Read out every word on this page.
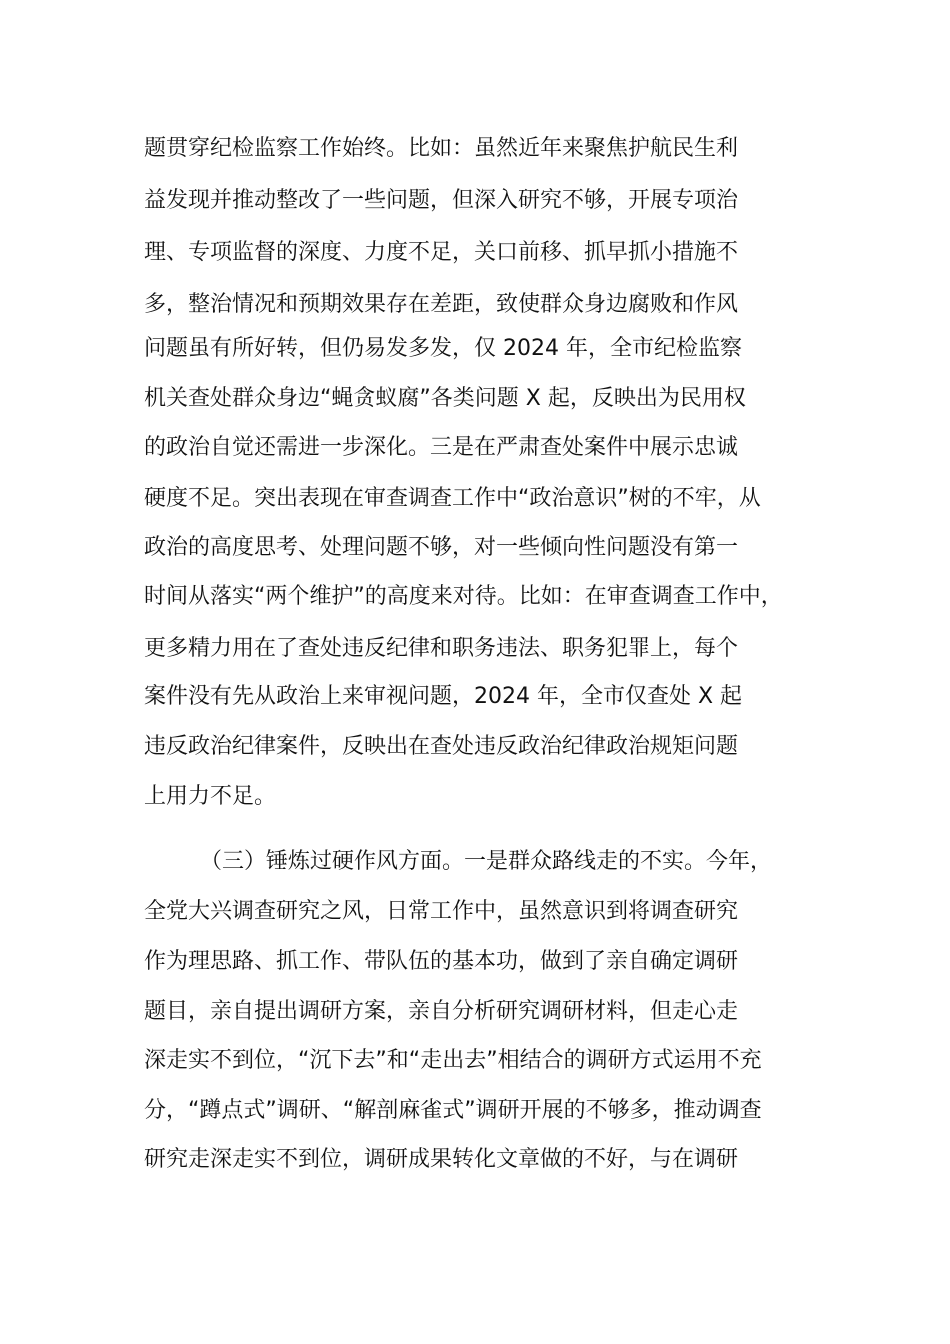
题贯穿纪检监察工作始终。比如：虽然近年来聚焦护航民生利
益发现并推动整改了一些问题，但深入研究不够，开展专项治
理、专项监督的深度、力度不足，关口前移、抓早抓小措施不
多，整治情况和预期效果存在差距，致使群众身边腐败和作风
问题虽有所好转，但仍易发多发，仅 2024 年，全市纪检监察
机关查处群众身边“蝇贪蚁腐”各类问题 X 起，反映出为民用权
的政治自觉还需进一步深化。三是在严肃查处案件中展示忠诚
硬度不足。突出表现在审查调查工作中“政治意识”树的不牢，从
政治的高度思考、处理问题不够，对一些倾向性问题没有第一
时间从落实“两个维护”的高度来对待。比如：在审查调查工作中，
更多精力用在了查处违反纪律和职务违法、职务犯罪上，每个
案件没有先从政治上来审视问题，2024 年，全市仅查处 X 起
违反政治纪律案件，反映出在查处违反政治纪律政治规矩问题
上用力不足。
（三）锤炼过硬作风方面。一是群众路线走的不实。今年，
全党大兴调查研究之风，日常工作中，虽然意识到将调查研究
作为理思路、抓工作、带队伍的基本功，做到了亲自确定调研
题目，亲自提出调研方案，亲自分析研究调研材料，但走心走
深走实不到位，“沉下去”和“走出去”相结合的调研方式运用不充
分，“蹲点式”调研、“解剖麻雀式”调研开展的不够多，推动调查
研究走深走实不到位，调研成果转化文章做的不好，与在调研
